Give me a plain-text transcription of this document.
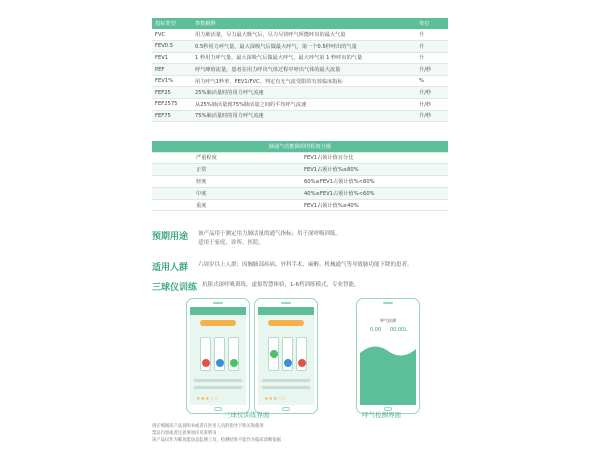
指标类型	参数解释	单位
FVC	用力肺活量，尽力最大吸气后，尽力尽快呼气所能呼出的最大气量	升
FEV0.5	0.5秒用力呼气量，最大深吸气后做最大呼气，第一个0.5秒呼出的气量	升
FEV1	1 秒用力呼气量，最大深吸气后做最大呼气，最大呼气第 1 秒呼出的气量	升
PEF	呼气峰值流量，患者在用力呼出气体过程中呼出气体的最大流量	升/秒
FEV1%	用力呼气1秒率，FEV1/FVC，判定有无气流受限的有效临床指标	%
FEF25	25%肺活量时的用力呼气流速	升/秒
FEF2575	从25%肺活量到75%肺活量之间的平均呼气流速	升/秒
FEF75	75%肺活量时的用力呼气流速	升/秒
肺通气功能障碍的程度分级	
严重程度	FEV1占预计值百分比
正常	FEV1占预计值%≥80%
轻度	60%≤FEV1占预计值%<80%
中度	40%≤FEV1占预计值%<60%
重度	FEV1占预计值%≤40%
预期用途	该产品用于测定用力肺活量的通气指标；用于深呼吸训练。
适用于家庭、诊所、医院。
适用人群	六周岁以上人群；因胸肺部疾病、外科手术、麻醉、机械通气等导致肺功能下降的患者。
三球仪训练 抗阻式深呼吸训练，虚拟智慧体验，1-6档训练模式，专业智能。
★★★☆☆	★★★☆☆
呼气检测
0.00 00.00L
三球仪训练界面	呼气检测界面
请仔细阅读产品说明书或者在医务人员的指导下购买和使用
禁忌内容或者注意事项详见说明书
该产品仅作为肺功能动态监测工具，检测结果不能作为临床诊断依据
